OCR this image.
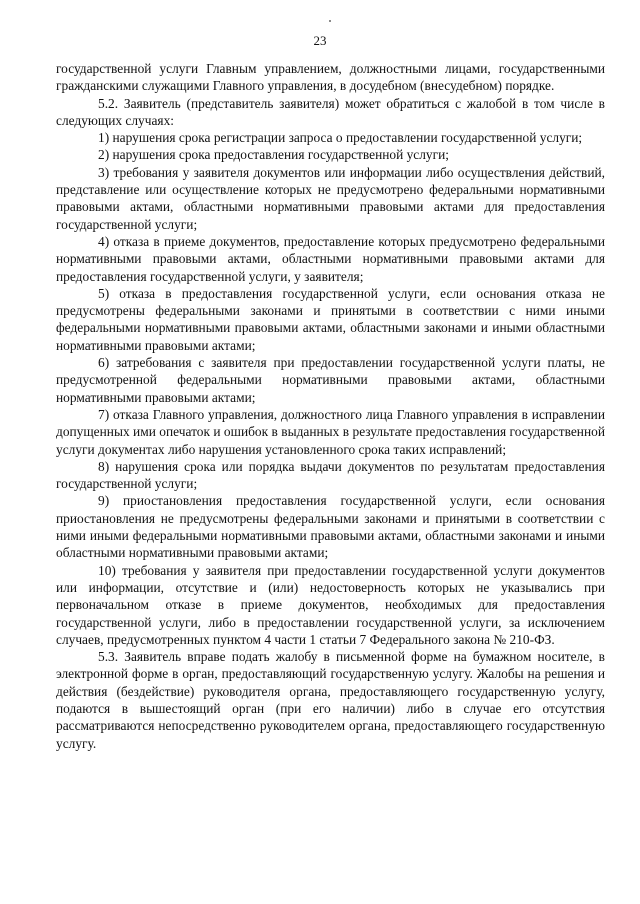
23

государственной услуги Главным управлением, должностными лицами, государственными гражданскими служащими Главного управления, в досудебном (внесудебном) порядке.

5.2. Заявитель (представитель заявителя) может обратиться с жалобой в том числе в следующих случаях:

1) нарушения срока регистрации запроса о предоставлении государственной услуги;

2) нарушения срока предоставления государственной услуги;

3) требования у заявителя документов или информации либо осуществления действий, представление или осуществление которых не предусмотрено федеральными нормативными правовыми актами, областными нормативными правовыми актами для предоставления государственной услуги;

4) отказа в приеме документов, предоставление которых предусмотрено федеральными нормативными правовыми актами, областными нормативными правовыми актами для предоставления государственной услуги, у заявителя;

5) отказа в предоставления государственной услуги, если основания отказа не предусмотрены федеральными законами и принятыми в соответствии с ними иными федеральными нормативными правовыми актами, областными законами и иными областными нормативными правовыми актами;

6) затребования с заявителя при предоставлении государственной услуги платы, не предусмотренной федеральными нормативными правовыми актами, областными нормативными правовыми актами;

7) отказа Главного управления, должностного лица Главного управления в исправлении допущенных ими опечаток и ошибок в выданных в результате предоставления государственной услуги документах либо нарушения установленного срока таких исправлений;

8) нарушения срока или порядка выдачи документов по результатам предоставления государственной услуги;

9) приостановления предоставления государственной услуги, если основания приостановления не предусмотрены федеральными законами и принятыми в соответствии с ними иными федеральными нормативными правовыми актами, областными законами и иными областными нормативными правовыми актами;

10) требования у заявителя при предоставлении государственной услуги документов или информации, отсутствие и (или) недостоверность которых не указывались при первоначальном отказе в приеме документов, необходимых для предоставления государственной услуги, либо в предоставлении государственной услуги, за исключением случаев, предусмотренных пунктом 4 части 1 статьи 7 Федерального закона № 210-ФЗ.

5.3. Заявитель вправе подать жалобу в письменной форме на бумажном носителе, в электронной форме в орган, предоставляющий государственную услугу. Жалобы на решения и действия (бездействие) руководителя органа, предоставляющего государственную услугу, подаются в вышестоящий орган (при его наличии) либо в случае его отсутствия рассматриваются непосредственно руководителем органа, предоставляющего государственную услугу.
